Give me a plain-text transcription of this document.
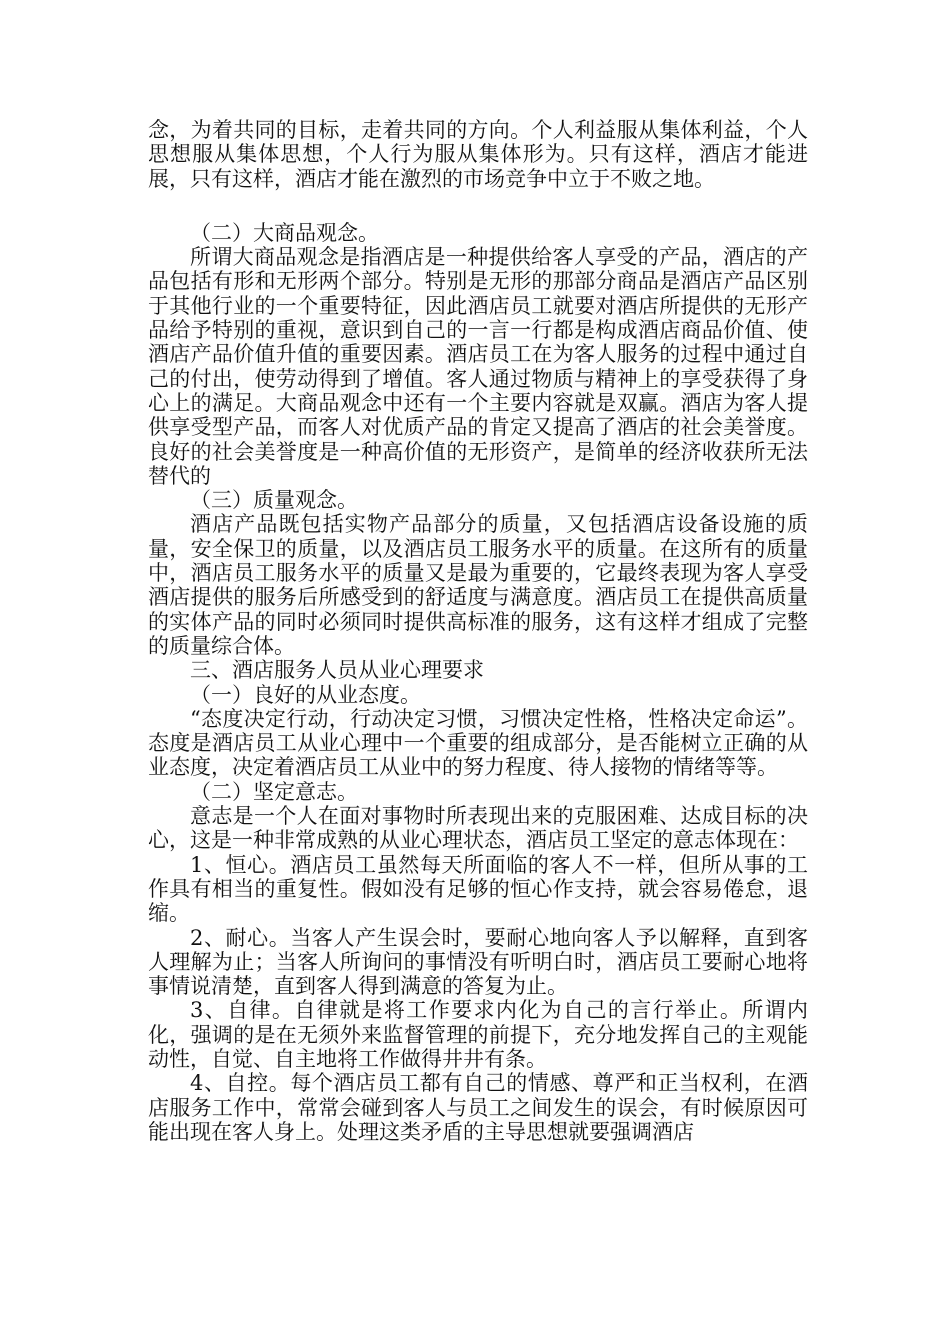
念，为着共同的目标，走着共同的方向。个人利益服从集体利益，个人思想服从集体思想，个人行为服从集体形为。只有这样，酒店才能进展，只有这样，酒店才能在激烈的市场竞争中立于不败之地。

（二）大商品观念。

所谓大商品观念是指酒店是一种提供给客人享受的产品，酒店的产品包括有形和无形两个部分。特别是无形的那部分商品是酒店产品区别于其他行业的一个重要特征，因此酒店员工就要对酒店所提供的无形产品给予特别的重视，意识到自己的一言一行都是构成酒店商品价值、使酒店产品价值升值的重要因素。酒店员工在为客人服务的过程中通过自己的付出，使劳动得到了增值。客人通过物质与精神上的享受获得了身心上的满足。大商品观念中还有一个主要内容就是双赢。酒店为客人提供享受型产品，而客人对优质产品的肯定又提高了酒店的社会美誉度。良好的社会美誉度是一种高价值的无形资产，是简单的经济收获所无法替代的

（三）质量观念。

酒店产品既包括实物产品部分的质量，又包括酒店设备设施的质量，安全保卫的质量，以及酒店员工服务水平的质量。在这所有的质量中，酒店员工服务水平的质量又是最为重要的，它最终表现为客人享受酒店提供的服务后所感受到的舒适度与满意度。酒店员工在提供高质量的实体产品的同时必须同时提供高标准的服务，这有这样才组成了完整的质量综合体。

三、酒店服务人员从业心理要求

（一）良好的从业态度。

“态度决定行动，行动决定习惯，习惯决定性格，性格决定命运”。态度是酒店员工从业心理中一个重要的组成部分，是否能树立正确的从业态度，决定着酒店员工从业中的努力程度、待人接物的情绪等等。

（二）坚定意志。

意志是一个人在面对事物时所表现出来的克服困难、达成目标的决心，这是一种非常成熟的从业心理状态，酒店员工坚定的意志体现在：

1、恒心。酒店员工虽然每天所面临的客人不一样，但所从事的工作具有相当的重复性。假如没有足够的恒心作支持，就会容易倦怠，退缩。

2、耐心。当客人产生误会时，要耐心地向客人予以解释，直到客人理解为止；当客人所询问的事情没有听明白时，酒店员工要耐心地将事情说清楚，直到客人得到满意的答复为止。

3、自律。自律就是将工作要求内化为自己的言行举止。所谓内化，强调的是在无须外来监督管理的前提下，充分地发挥自己的主观能动性，自觉、自主地将工作做得井井有条。

4、自控。每个酒店员工都有自己的情感、尊严和正当权利，在酒店服务工作中，常常会碰到客人与员工之间发生的误会，有时候原因可能出现在客人身上。处理这类矛盾的主导思想就要强调酒店
